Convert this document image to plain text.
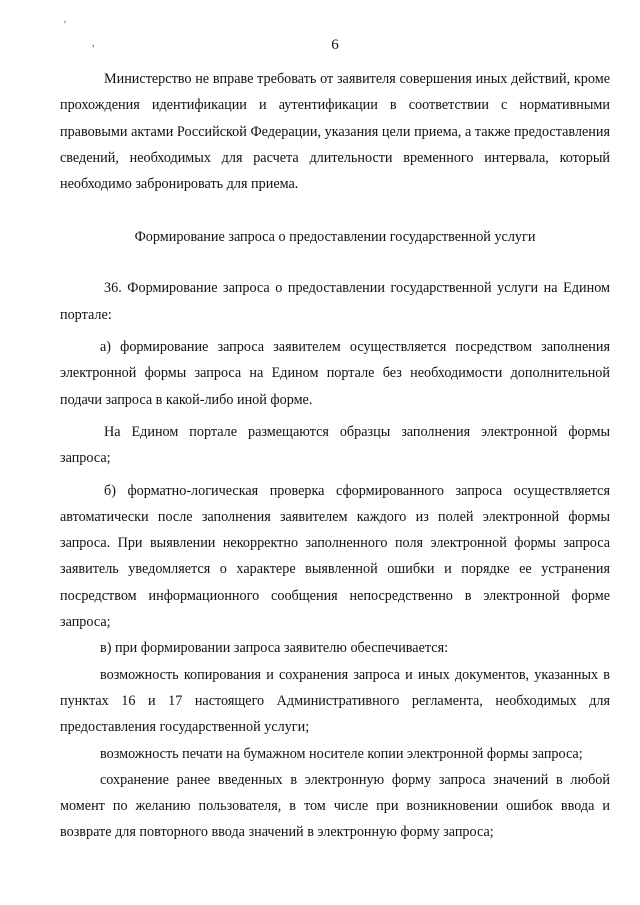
'
,	6

Министерство не вправе требовать от заявителя совершения иных действий, кроме прохождения идентификации и аутентификации в соответствии с нормативными правовыми актами Российской Федерации, указания цели приема, а также предоставления сведений, необходимых для расчета длительности временного интервала, который необходимо забронировать для приема.

Формирование запроса о предоставлении государственной услуги

36. Формирование запроса о предоставлении государственной услуги на Едином портале:

а) формирование запроса заявителем осуществляется посредством заполнения электронной формы запроса на Едином портале без необходимости дополнительной подачи запроса в какой-либо иной форме.

На Едином портале размещаются образцы заполнения электронной формы запроса;

б) форматно-логическая проверка сформированного запроса осуществляется автоматически после заполнения заявителем каждого из полей электронной формы запроса. При выявлении некорректно заполненного поля электронной формы запроса заявитель уведомляется о характере выявленной ошибки и порядке ее устранения посредством информационного сообщения непосредственно в электронной форме запроса;

в) при формировании запроса заявителю обеспечивается:

возможность копирования и сохранения запроса и иных документов, указанных в пунктах 16 и 17 настоящего Административного регламента, необходимых для предоставления государственной услуги;

возможность печати на бумажном носителе копии электронной формы запроса;

сохранение ранее введенных в электронную форму запроса значений в любой момент по желанию пользователя, в том числе при возникновении ошибок ввода и возврате для повторного ввода значений в электронную форму запроса;
